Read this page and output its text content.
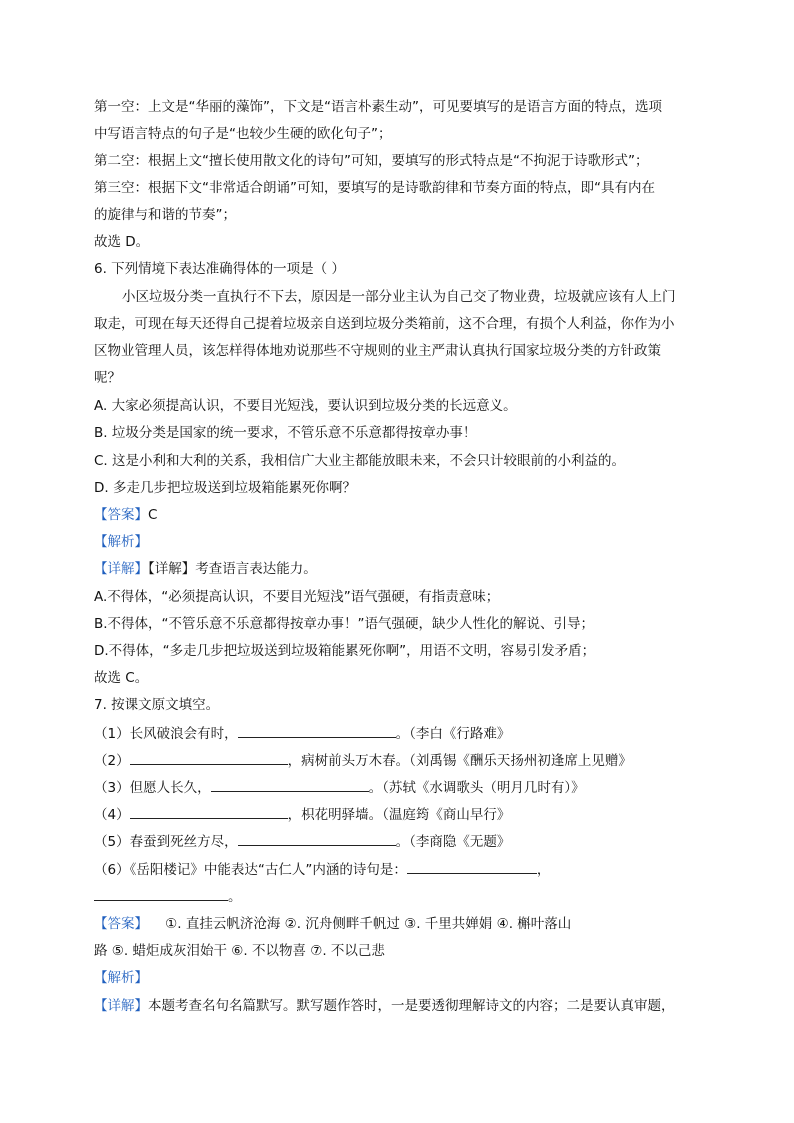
第一空：上文是“华丽的藻饰”，下文是“语言朴素生动”，可见要填写的是语言方面的特点，选项
中写语言特点的句子是“也较少生硬的欧化句子”；
第二空：根据上文“擅长使用散文化的诗句”可知，要填写的形式特点是“不拘泥于诗歌形式”；
第三空：根据下文“非常适合朗诵”可知，要填写的是诗歌韵律和节奏方面的特点，即“具有内在
的旋律与和谐的节奏”；
故选 D。
6. 下列情境下表达准确得体的一项是（ ）
小区垃圾分类一直执行不下去，原因是一部分业主认为自己交了物业费，垃圾就应该有人上门
取走，可现在每天还得自己提着垃圾亲自送到垃圾分类箱前，这不合理，有损个人利益，你作为小
区物业管理人员，该怎样得体地劝说那些不守规则的业主严肃认真执行国家垃圾分类的方针政策
呢？
A. 大家必须提高认识，不要目光短浅，要认识到垃圾分类的长远意义。
B. 垃圾分类是国家的统一要求，不管乐意不乐意都得按章办事！
C. 这是小利和大利的关系，我相信广大业主都能放眼未来，不会只计较眼前的小利益的。
D. 多走几步把垃圾送到垃圾箱能累死你啊？
【答案】C
【解析】
【详解】【详解】考查语言表达能力。
A.不得体，“必须提高认识，不要目光短浅”语气强硬，有指责意味；
B.不得体，“不管乐意不乐意都得按章办事！”语气强硬，缺少人性化的解说、引导；
D.不得体，“多走几步把垃圾送到垃圾箱能累死你啊”，用语不文明，容易引发矛盾；
故选 C。
7. 按课文原文填空。
（1）长风破浪会有时，	。（李白《行路难》
（2）	，病树前头万木春。（刘禹锡《酬乐天扬州初逢席上见赠》
（3）但愿人长久，	。（苏轼《水调歌头（明月几时有）》
（4）	，枳花明驿墙。（温庭筠《商山早行》
（5）春蚕到死丝方尽，	。（李商隐《无题》
（6）《岳阳楼记》中能表达“古仁人”内涵的诗句是：	，
。
【答案】 ①. 直挂云帆济沧海 ②. 沉舟侧畔千帆过 ③. 千里共婵娟 ④. 槲叶落山
路 ⑤. 蜡炬成灰泪始干 ⑥. 不以物喜 ⑦. 不以己悲
【解析】
【详解】本题考查名句名篇默写。默写题作答时，一是要透彻理解诗文的内容；二是要认真审题，
